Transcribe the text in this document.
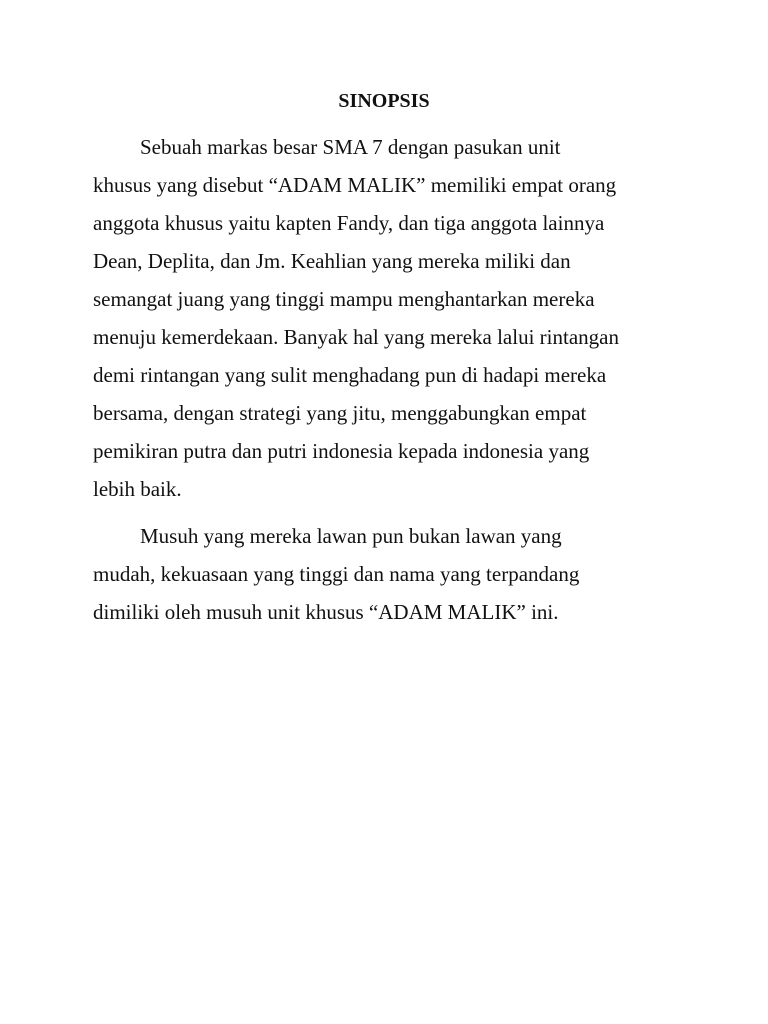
SINOPSIS
Sebuah markas besar SMA 7 dengan pasukan unit
khusus yang disebut “ADAM MALIK” memiliki empat orang
anggota khusus yaitu kapten Fandy, dan tiga anggota lainnya
Dean, Deplita, dan Jm. Keahlian yang mereka miliki dan
semangat juang yang tinggi mampu menghantarkan mereka
menuju kemerdekaan. Banyak hal yang mereka lalui rintangan
demi rintangan yang sulit menghadang pun di hadapi mereka
bersama, dengan strategi yang jitu, menggabungkan empat
pemikiran putra dan putri indonesia kepada indonesia yang
lebih baik.
Musuh yang mereka lawan pun bukan lawan yang
mudah, kekuasaan yang tinggi dan nama yang terpandang
dimiliki oleh musuh unit khusus “ADAM MALIK” ini.
